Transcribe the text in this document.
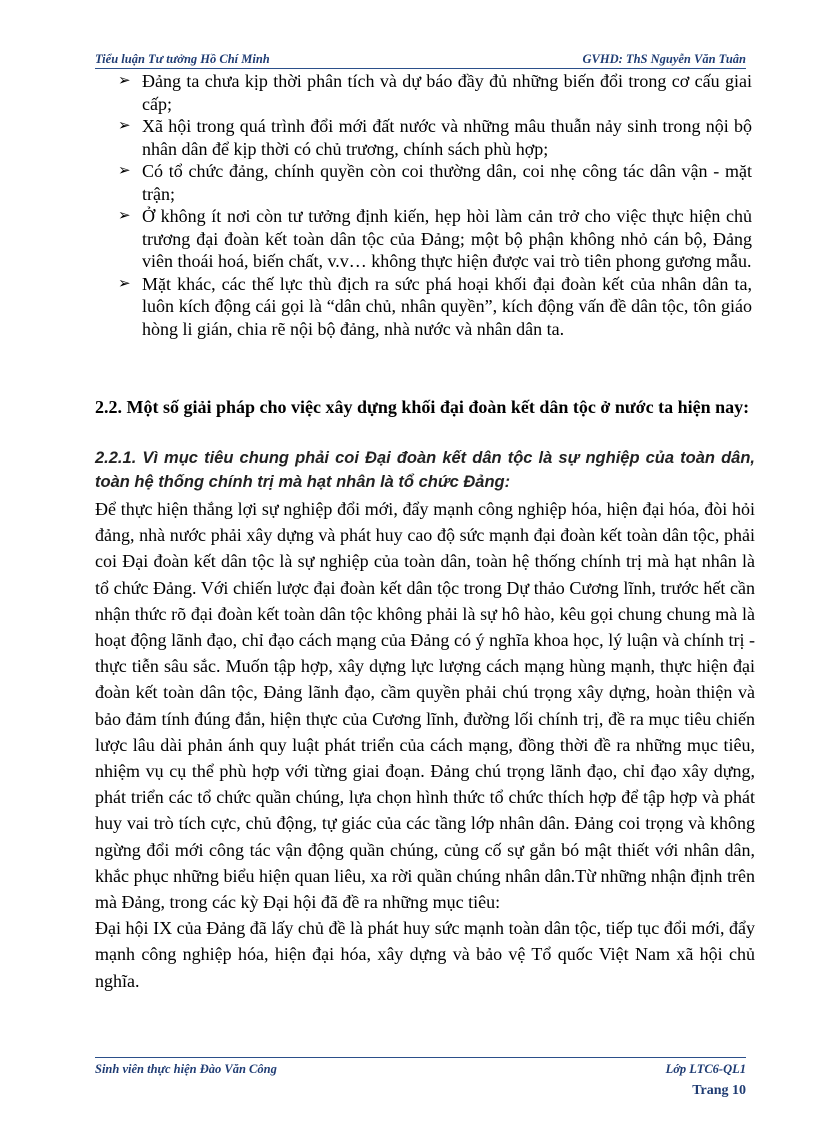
Tiểu luận Tư tưởng Hồ Chí Minh	GVHD: ThS Nguyễn Văn Tuân
➢ Đảng ta chưa kịp thời phân tích và dự báo đầy đủ những biến đổi trong cơ cấu giai cấp;
➢ Xã hội trong quá trình đổi mới đất nước và những mâu thuẫn nảy sinh trong nội bộ nhân dân để kịp thời có chủ trương, chính sách phù hợp;
➢ Có tổ chức đảng, chính quyền còn coi thường dân, coi nhẹ công tác dân vận - mặt trận;
➢ Ở không ít nơi còn tư tưởng định kiến, hẹp hòi làm cản trở cho việc thực hiện chủ trương đại đoàn kết toàn dân tộc của Đảng; một bộ phận không nhỏ cán bộ, Đảng viên thoái hoá, biến chất, v.v… không thực hiện được vai trò tiên phong gương mẫu.
➢ Mặt khác, các thế lực thù địch ra sức phá hoại khối đại đoàn kết của nhân dân ta, luôn kích động cái gọi là “dân chủ, nhân quyền”, kích động vấn đề dân tộc, tôn giáo hòng li gián, chia rẽ nội bộ đảng, nhà nước và nhân dân ta.
2.2. Một số giải pháp cho việc xây dựng khối đại đoàn kết dân tộc ở nước ta hiện nay:
2.2.1. Vì mục tiêu chung phải coi Đại đoàn kết dân tộc là sự nghiệp của toàn dân, toàn hệ thống chính trị mà hạt nhân là tổ chức Đảng:

Để thực hiện thắng lợi sự nghiệp đổi mới, đẩy mạnh công nghiệp hóa, hiện đại hóa, đòi hỏi đảng, nhà nước phải xây dựng và phát huy cao độ sức mạnh đại đoàn kết toàn dân tộc, phải coi Đại đoàn kết dân tộc là sự nghiệp của toàn dân, toàn hệ thống chính trị mà hạt nhân là tổ chức Đảng. Với chiến lược đại đoàn kết dân tộc trong Dự thảo Cương lĩnh, trước hết cần nhận thức rõ đại đoàn kết toàn dân tộc không phải là sự hô hào, kêu gọi chung chung mà là hoạt động lãnh đạo, chỉ đạo cách mạng của Đảng có ý nghĩa khoa học, lý luận và chính trị - thực tiễn sâu sắc. Muốn tập hợp, xây dựng lực lượng cách mạng hùng mạnh, thực hiện đại đoàn kết toàn dân tộc, Đảng lãnh đạo, cầm quyền phải chú trọng xây dựng, hoàn thiện và bảo đảm tính đúng đắn, hiện thực của Cương lĩnh, đường lối chính trị, đề ra mục tiêu chiến lược lâu dài phản ánh quy luật phát triển của cách mạng, đồng thời đề ra những mục tiêu, nhiệm vụ cụ thể phù hợp với từng giai đoạn. Đảng chú trọng lãnh đạo, chỉ đạo xây dựng, phát triển các tổ chức quần chúng, lựa chọn hình thức tổ chức thích hợp để tập hợp và phát huy vai trò tích cực, chủ động, tự giác của các tầng lớp nhân dân. Đảng coi trọng và không ngừng đổi mới công tác vận động quần chúng, củng cố sự gắn bó mật thiết với nhân dân, khắc phục những biểu hiện quan liêu, xa rời quần chúng nhân dân.Từ những nhận định trên mà Đảng, trong các kỳ Đại hội đã đề ra những mục tiêu:

Đại hội IX của Đảng đã lấy chủ đề là phát huy sức mạnh toàn dân tộc, tiếp tục đổi mới, đẩy mạnh công nghiệp hóa, hiện đại hóa, xây dựng và bảo vệ Tổ quốc Việt Nam xã hội chủ nghĩa.

Sinh viên thực hiện Đào Văn Công	Lớp LTC6-QL1
Trang 10
